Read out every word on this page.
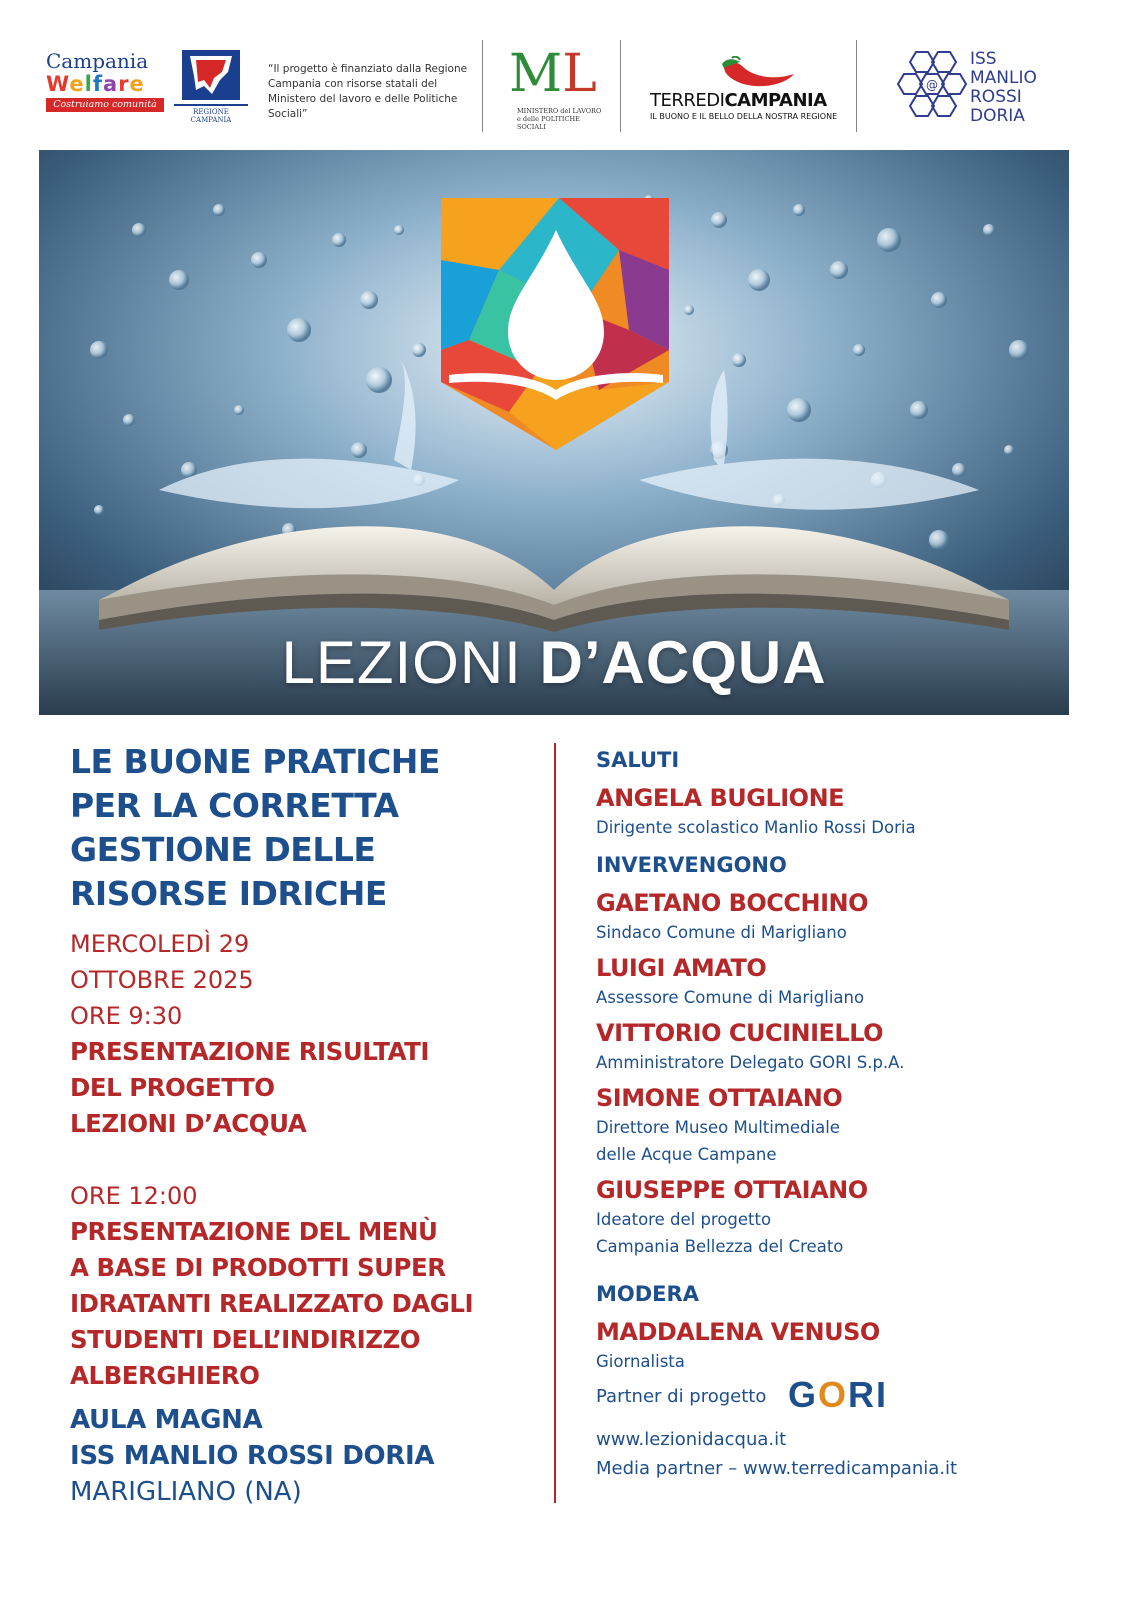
Campania
Welfare
Costruiamo comunità
REGIONE CAMPANIA
“Il progetto è finanziato dalla Regione Campania con risorse statali del Ministero del lavoro e delle Politiche Sociali”
ML
MINISTERO del LAVORO e delle POLITICHE SOCIALI
TERREDICAMPANIA
IL BUONO E IL BELLO DELLA NOSTRA REGIONE
@
ISS
MANLIO
ROSSI
DORIA
LEZIONI D’ACQUA
LE BUONE PRATICHE
PER LA CORRETTA
GESTIONE DELLE
RISORSE IDRICHE
MERCOLEDÌ 29
OTTOBRE 2025
ORE 9:30
PRESENTAZIONE RISULTATI
DEL PROGETTO
LEZIONI D’ACQUA
ORE 12:00
PRESENTAZIONE DEL MENÙ
A BASE DI PRODOTTI SUPER
IDRATANTI REALIZZATO DAGLI
STUDENTI DELL’INDIRIZZO
ALBERGHIERO
AULA MAGNA
ISS MANLIO ROSSI DORIA
MARIGLIANO (NA)
SALUTI
ANGELA BUGLIONE
Dirigente scolastico Manlio Rossi Doria
INVERVENGONO
GAETANO BOCCHINO
Sindaco Comune di Marigliano
LUIGI AMATO
Assessore Comune di Marigliano
VITTORIO CUCINIELLO
Amministratore Delegato GORI S.p.A.
SIMONE OTTAIANO
Direttore Museo Multimediale
delle Acque Campane
GIUSEPPE OTTAIANO
Ideatore del progetto
Campania Bellezza del Creato
MODERA
MADDALENA VENUSO
Giornalista
Partner di progetto GORI
www.lezionidacqua.it
Media partner – www.terredicampania.it
